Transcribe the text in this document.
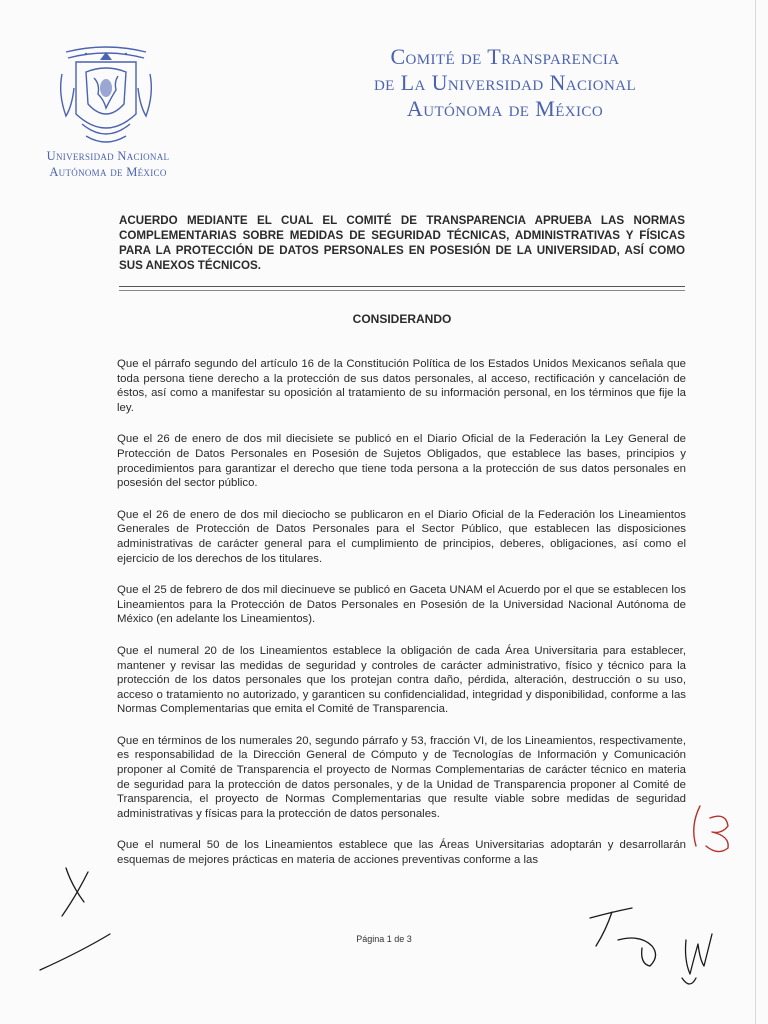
Universidad Nacional
Autónoma de México
Comité de Transparencia
de La Universidad Nacional
Autónoma de México
ACUERDO MEDIANTE EL CUAL EL COMITÉ DE TRANSPARENCIA APRUEBA LAS NORMAS COMPLEMENTARIAS SOBRE MEDIDAS DE SEGURIDAD TÉCNICAS, ADMINISTRATIVAS Y FÍSICAS PARA LA PROTECCIÓN DE DATOS PERSONALES EN POSESIÓN DE LA UNIVERSIDAD, ASÍ COMO SUS ANEXOS TÉCNICOS.
CONSIDERANDO

Que el párrafo segundo del artículo 16 de la Constitución Política de los Estados Unidos Mexicanos señala que toda persona tiene derecho a la protección de sus datos personales, al acceso, rectificación y cancelación de éstos, así como a manifestar su oposición al tratamiento de su información personal, en los términos que fije la ley.

Que el 26 de enero de dos mil diecisiete se publicó en el Diario Oficial de la Federación la Ley General de Protección de Datos Personales en Posesión de Sujetos Obligados, que establece las bases, principios y procedimientos para garantizar el derecho que tiene toda persona a la protección de sus datos personales en posesión del sector público.

Que el 26 de enero de dos mil dieciocho se publicaron en el Diario Oficial de la Federación los Lineamientos Generales de Protección de Datos Personales para el Sector Público, que establecen las disposiciones administrativas de carácter general para el cumplimiento de principios, deberes, obligaciones, así como el ejercicio de los derechos de los titulares.

Que el 25 de febrero de dos mil diecinueve se publicó en Gaceta UNAM el Acuerdo por el que se establecen los Lineamientos para la Protección de Datos Personales en Posesión de la Universidad Nacional Autónoma de México (en adelante los Lineamientos).

Que el numeral 20 de los Lineamientos establece la obligación de cada Área Universitaria para establecer, mantener y revisar las medidas de seguridad y controles de carácter administrativo, físico y técnico para la protección de los datos personales que los protejan contra daño, pérdida, alteración, destrucción o su uso, acceso o tratamiento no autorizado, y garanticen su confidencialidad, integridad y disponibilidad, conforme a las Normas Complementarias que emita el Comité de Transparencia.

Que en términos de los numerales 20, segundo párrafo y 53, fracción VI, de los Lineamientos, respectivamente, es responsabilidad de la Dirección General de Cómputo y de Tecnologías de Información y Comunicación proponer al Comité de Transparencia el proyecto de Normas Complementarias de carácter técnico en materia de seguridad para la protección de datos personales, y de la Unidad de Transparencia proponer al Comité de Transparencia, el proyecto de Normas Complementarias que resulte viable sobre medidas de seguridad administrativas y físicas para la protección de datos personales.

Que el numeral 50 de los Lineamientos establece que las Áreas Universitarias adoptarán y desarrollarán esquemas de mejores prácticas en materia de acciones preventivas conforme a las

Página 1 de 3
